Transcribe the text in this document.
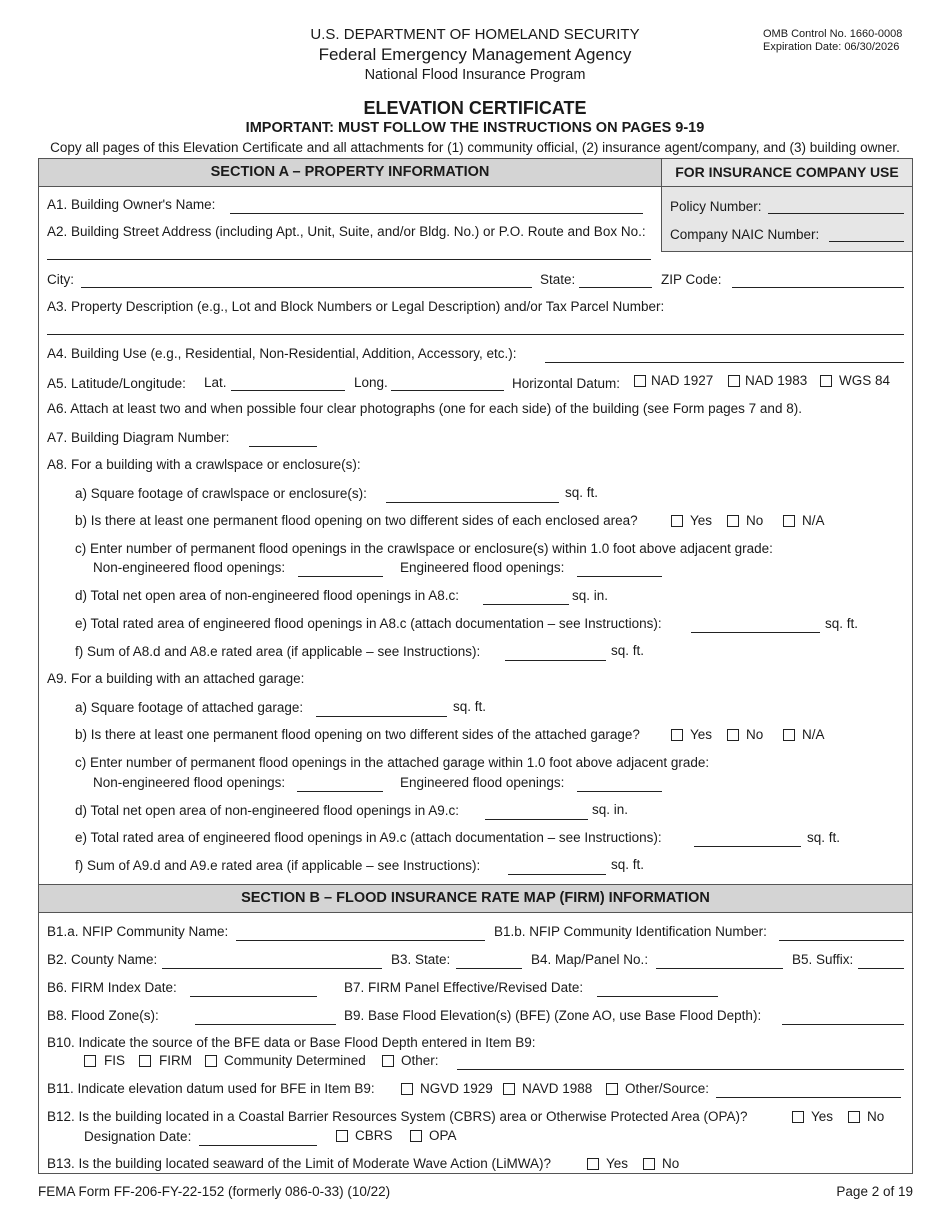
U.S. DEPARTMENT OF HOMELAND SECURITY
Federal Emergency Management Agency
National Flood Insurance Program
OMB Control No. 1660-0008
Expiration Date: 06/30/2026
ELEVATION CERTIFICATE
IMPORTANT: MUST FOLLOW THE INSTRUCTIONS ON PAGES 9-19
Copy all pages of this Elevation Certificate and all attachments for (1) community official, (2) insurance agent/company, and (3) building owner.
SECTION A – PROPERTY INFORMATION	FOR INSURANCE COMPANY USE
Policy Number:
Company NAIC Number:
A1. Building Owner's Name:
A2. Building Street Address (including Apt., Unit, Suite, and/or Bldg. No.) or P.O. Route and Box No.:
City:	State:	ZIP Code:
A3. Property Description (e.g., Lot and Block Numbers or Legal Description) and/or Tax Parcel Number:
A4. Building Use (e.g., Residential, Non-Residential, Addition, Accessory, etc.):
A5. Latitude/Longitude: Lat.	Long.	Horizontal Datum: NAD 1927 NAD 1983 WGS 84
A6. Attach at least two and when possible four clear photographs (one for each side) of the building (see Form pages 7 and 8).
A7. Building Diagram Number:
A8. For a building with a crawlspace or enclosure(s):
a) Square footage of crawlspace or enclosure(s):	sq. ft.
b) Is there at least one permanent flood opening on two different sides of each enclosed area?	Yes	No	N/A
c) Enter number of permanent flood openings in the crawlspace or enclosure(s) within 1.0 foot above adjacent grade:
Non-engineered flood openings:	Engineered flood openings:
d) Total net open area of non-engineered flood openings in A8.c:	sq. in.
e) Total rated area of engineered flood openings in A8.c (attach documentation – see Instructions):	sq. ft.
f) Sum of A8.d and A8.e rated area (if applicable – see Instructions):	sq. ft.
A9. For a building with an attached garage:
a) Square footage of attached garage:	sq. ft.
b) Is there at least one permanent flood opening on two different sides of the attached garage?	Yes	No	N/A
c) Enter number of permanent flood openings in the attached garage within 1.0 foot above adjacent grade:
Non-engineered flood openings:	Engineered flood openings:
d) Total net open area of non-engineered flood openings in A9.c:	sq. in.
e) Total rated area of engineered flood openings in A9.c (attach documentation – see Instructions):	sq. ft.
f) Sum of A9.d and A9.e rated area (if applicable – see Instructions):	sq. ft.
SECTION B – FLOOD INSURANCE RATE MAP (FIRM) INFORMATION
B1.a. NFIP Community Name:	B1.b. NFIP Community Identification Number:
B2. County Name:	B3. State:	B4. Map/Panel No.:	B5. Suffix:
B6. FIRM Index Date:	B7. FIRM Panel Effective/Revised Date:
B8. Flood Zone(s):	B9. Base Flood Elevation(s) (BFE) (Zone AO, use Base Flood Depth):
B10. Indicate the source of the BFE data or Base Flood Depth entered in Item B9:
FIS	FIRM Community Determined	Other:
B11. Indicate elevation datum used for BFE in Item B9:	NGVD 1929 NAVD 1988 Other/Source:
B12. Is the building located in a Coastal Barrier Resources System (CBRS) area or Otherwise Protected Area (OPA)?	Yes	No
Designation Date:	CBRS	OPA
B13. Is the building located seaward of the Limit of Moderate Wave Action (LiMWA)?	Yes	No
FEMA Form FF-206-FY-22-152 (formerly 086-0-33) (10/22)	Page 2 of 19
